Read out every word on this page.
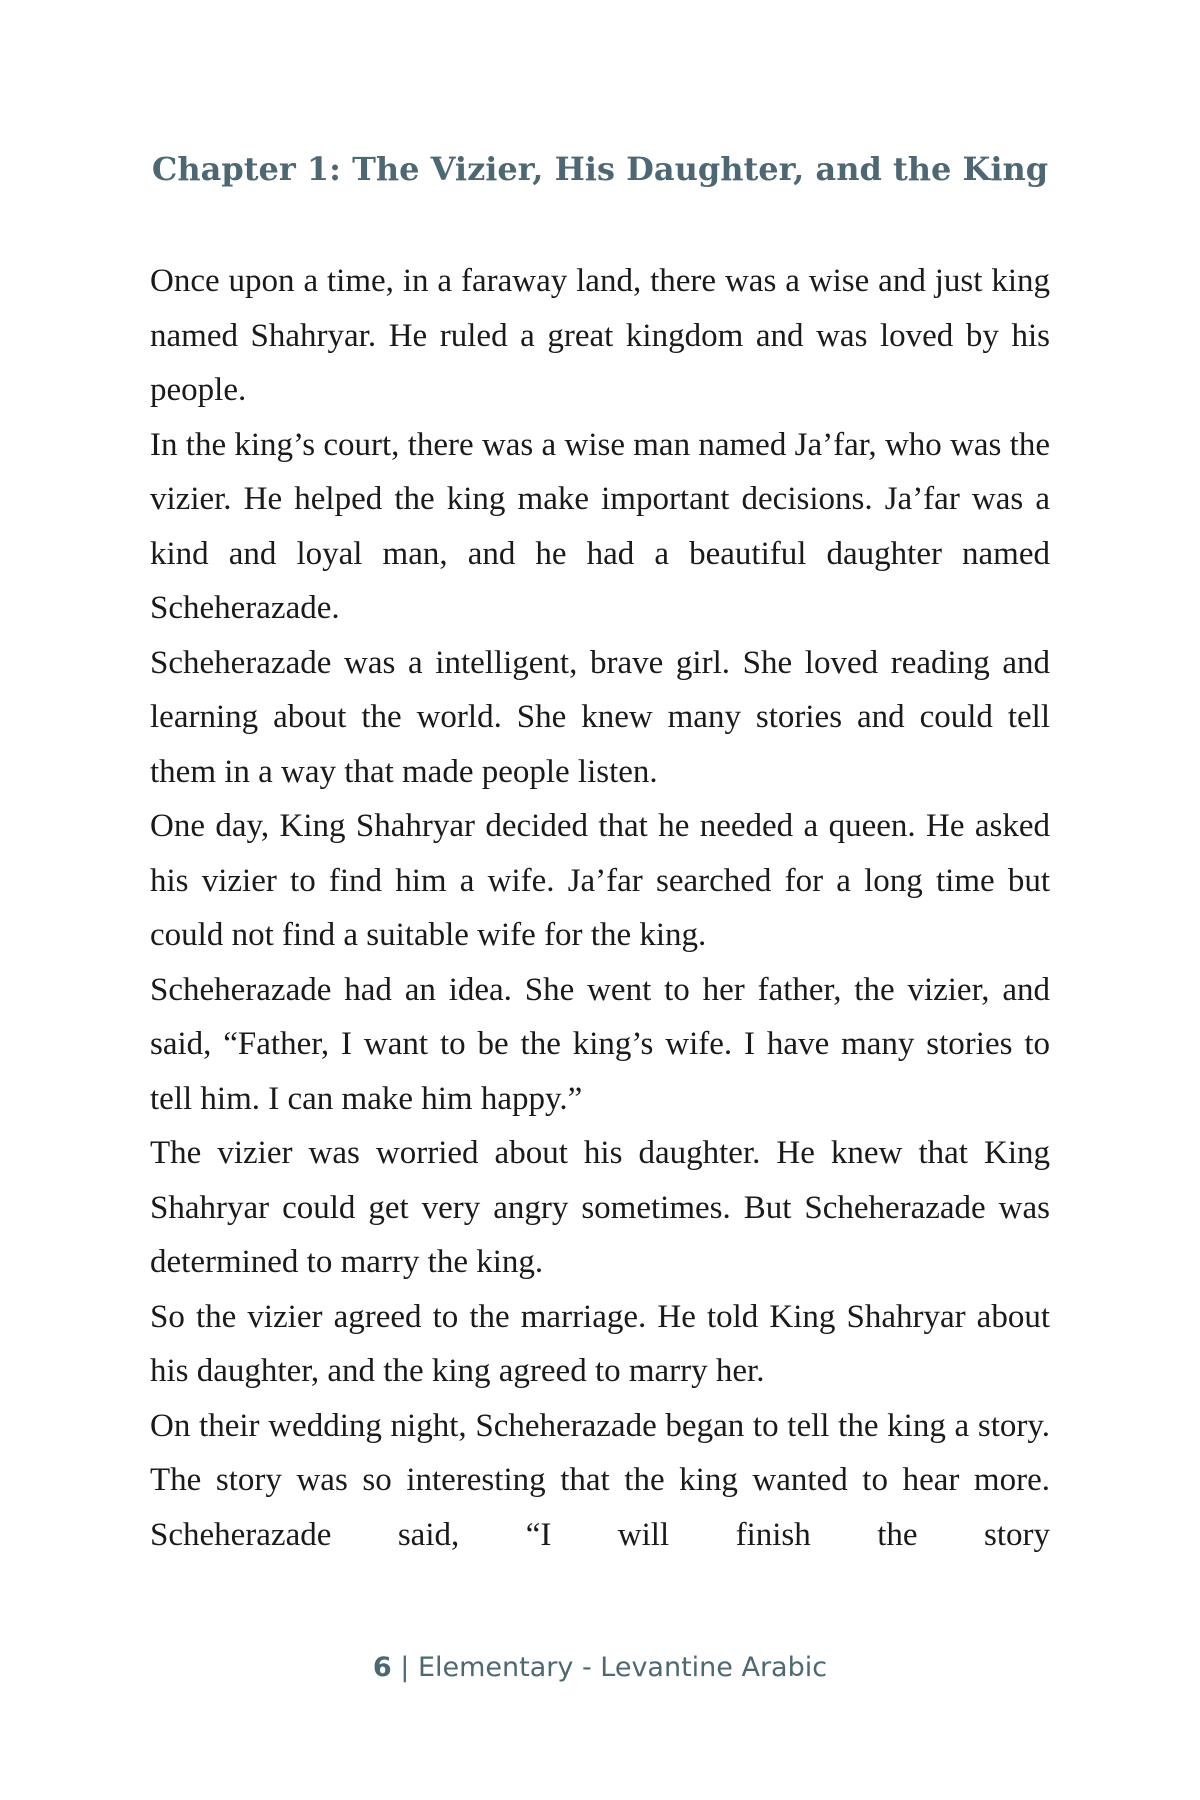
Chapter 1: The Vizier, His Daughter, and the King

Once upon a time, in a faraway land, there was a wise and just king named Shahryar. He ruled a great kingdom and was loved by his people.

In the king’s court, there was a wise man named Ja’far, who was the vizier. He helped the king make important decisions. Ja’far was a kind and loyal man, and he had a beautiful daughter named Scheherazade.

Scheherazade was a intelligent, brave girl. She loved reading and learning about the world. She knew many stories and could tell them in a way that made people listen.

One day, King Shahryar decided that he needed a queen. He asked his vizier to find him a wife. Ja’far searched for a long time but could not find a suitable wife for the king.

Scheherazade had an idea. She went to her father, the vizier, and said, “Father, I want to be the king’s wife. I have many stories to tell him. I can make him happy.”

The vizier was worried about his daughter. He knew that King Shahryar could get very angry sometimes. But Scheherazade was determined to marry the king.

So the vizier agreed to the marriage. He told King Shahryar about his daughter, and the king agreed to marry her.

On their wedding night, Scheherazade began to tell the king a story. The story was so interesting that the king wanted to hear more. Scheherazade said, “I will finish the story

6 | Elementary - Levantine Arabic
